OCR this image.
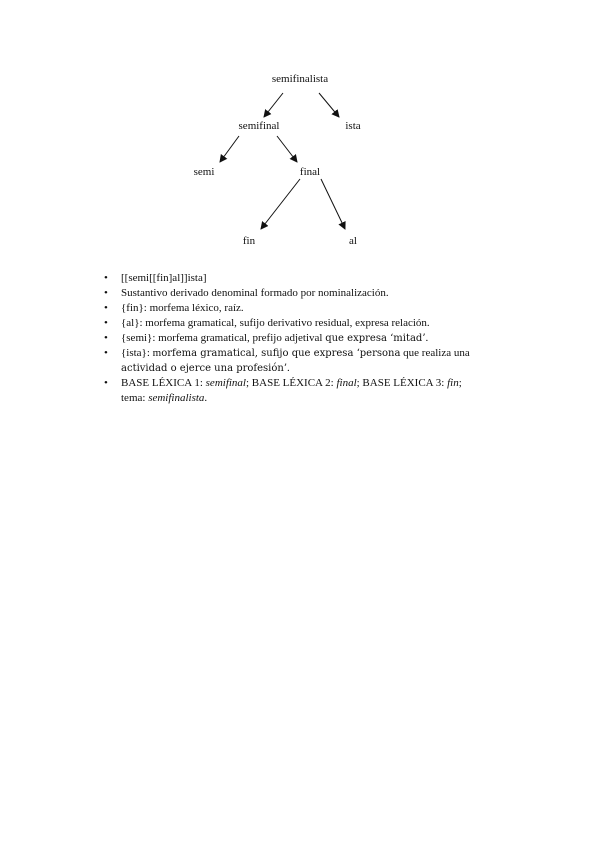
semifinalista
semifinal	ista
semi	final
fin	al
• [[semi[[fin]al]]ista]
• Sustantivo derivado denominal formado por nominalización.
• {fin}: morfema léxico, raíz.
• {al}: morfema gramatical, sufijo derivativo residual, expresa relación.
• {semi}: morfema gramatical, prefijo adjetival que expresa ‘mitad’.
• {ista}: morfema gramatical, sufijo que expresa ‘persona que realiza una
actividad o ejerce una profesión’.
• BASE LÉXICA 1: semifinal; BASE LÉXICA 2: final; BASE LÉXICA 3: fin;
tema: semifinalista.
